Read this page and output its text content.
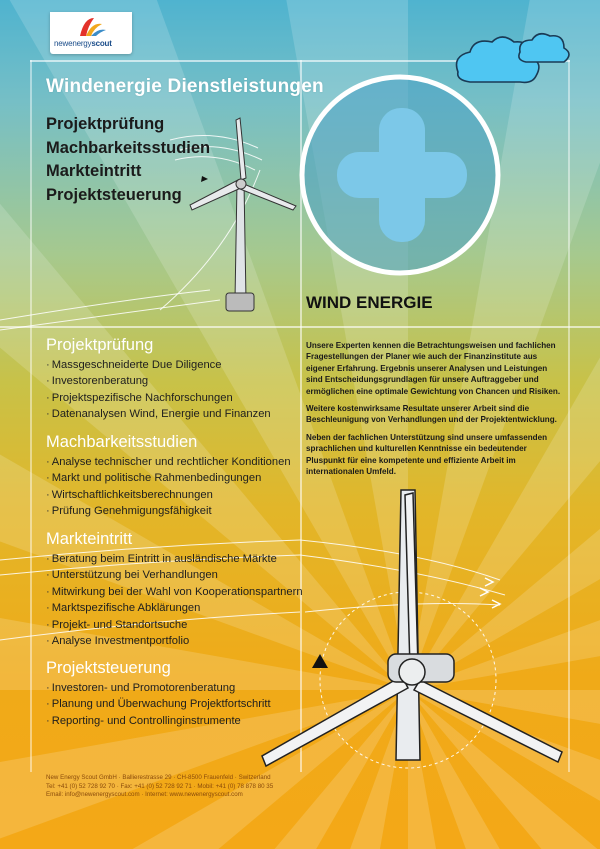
newenergyscout
Windenergie Dienstleistungen
Projektprüfung
Machbarkeitsstudien
Markteintritt
Projektsteuerung
WIND ENERGIE
Projektprüfung
· Massgeschneiderte Due Diligence
· Investorenberatung
· Projektspezifische Nachforschungen
· Datenanalysen Wind, Energie und Finanzen
Machbarkeitsstudien
· Analyse technischer und rechtlicher Konditionen
· Markt und politische Rahmenbedingungen
· Wirtschaftlichkeitsberechnungen
· Prüfung Genehmigungsfähigkeit
Markteintritt
· Beratung beim Eintritt in ausländische Märkte
· Unterstützung bei Verhandlungen
· Mitwirkung bei der Wahl von Kooperationspartnern
· Marktspezifische Abklärungen
· Projekt- und Standortsuche
· Analyse Investmentportfolio
Projektsteuerung
· Investoren- und Promotorenberatung
· Planung und Überwachung Projektfortschritt
· Reporting- und Controllinginstrumente

Unsere Experten kennen die Betrachtungsweisen und fachlichen Fragestellungen der Planer wie auch der Finanzinstitute aus eigener Erfahrung. Ergebnis unserer Analysen und Leistungen sind Entscheidungsgrundlagen für unsere Auftraggeber und ermöglichen eine optimale Gewichtung von Chancen und Risiken.

Weitere kostenwirksame Resultate unserer Arbeit sind die Beschleunigung von Verhandlungen und der Projektentwicklung.

Neben der fachlichen Unterstützung sind unsere umfassenden sprachlichen und kulturellen Kenntnisse ein bedeutender Pluspunkt für eine kompetente und effiziente Arbeit im internationalen Umfeld.

New Energy Scout GmbH · Ballierestrasse 29 · CH-8500 Frauenfeld · Switzerland
Tel: +41 (0) 52 728 92 70 · Fax: +41 (0) 52 728 92 71 · Mobil: +41 (0) 78 878 80 35
Email: info@newenergyscout.com · Internet: www.newenergyscout.com
